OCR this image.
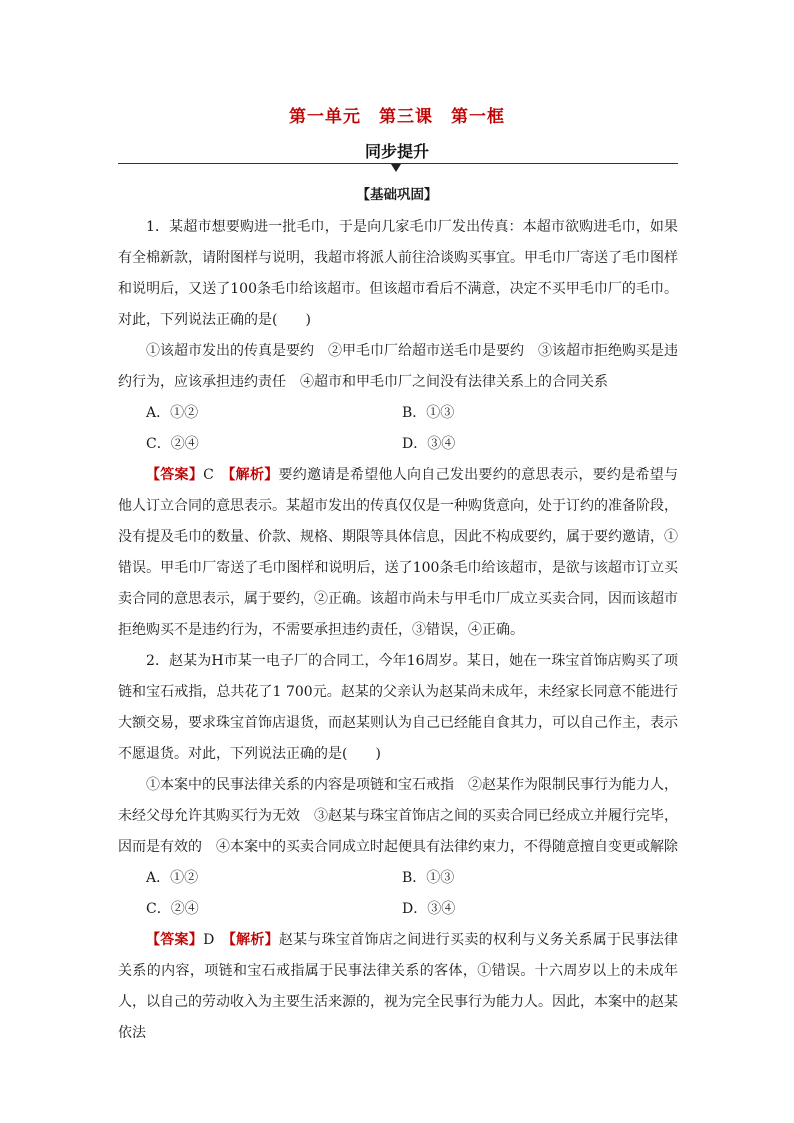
第一单元　第三课　第一框
同步提升
【基础巩固】

1．某超市想要购进一批毛巾，于是向几家毛巾厂发出传真：本超市欲购进毛巾，如果有全棉新款，请附图样与说明，我超市将派人前往洽谈购买事宜。甲毛巾厂寄送了毛巾图样和说明后，又送了100条毛巾给该超市。但该超市看后不满意，决定不买甲毛巾厂的毛巾。对此，下列说法正确的是(　　)

①该超市发出的传真是要约　②甲毛巾厂给超市送毛巾是要约　③该超市拒绝购买是违约行为，应该承担违约责任　④超市和甲毛巾厂之间没有法律关系上的合同关系

A．①②	B．①③
C．②④	D．③④

【答案】C　 【解析】要约邀请是希望他人向自己发出要约的意思表示，要约是希望与他人订立合同的意思表示。某超市发出的传真仅仅是一种购货意向，处于订约的准备阶段，没有提及毛巾的数量、价款、规格、期限等具体信息，因此不构成要约，属于要约邀请，①错误。甲毛巾厂寄送了毛巾图样和说明后，送了100条毛巾给该超市，是欲与该超市订立买卖合同的意思表示，属于要约，②正确。该超市尚未与甲毛巾厂成立买卖合同，因而该超市拒绝购买不是违约行为，不需要承担违约责任，③错误，④正确。

2．赵某为H市某一电子厂的合同工，今年16周岁。某日，她在一珠宝首饰店购买了项链和宝石戒指，总共花了1 700元。赵某的父亲认为赵某尚未成年，未经家长同意不能进行大额交易，要求珠宝首饰店退货，而赵某则认为自己已经能自食其力，可以自己作主，表示不愿退货。对此，下列说法正确的是(　　)

①本案中的民事法律关系的内容是项链和宝石戒指　②赵某作为限制民事行为能力人，未经父母允许其购买行为无效　③赵某与珠宝首饰店之间的买卖合同已经成立并履行完毕，因而是有效的　④本案中的买卖合同成立时起便具有法律约束力，不得随意擅自变更或解除

A．①②	B．①③
C．②④	D．③④

【答案】D　 【解析】赵某与珠宝首饰店之间进行买卖的权利与义务关系属于民事法律关系的内容，项链和宝石戒指属于民事法律关系的客体，①错误。十六周岁以上的未成年人，以自己的劳动收入为主要生活来源的，视为完全民事行为能力人。因此，本案中的赵某依法
